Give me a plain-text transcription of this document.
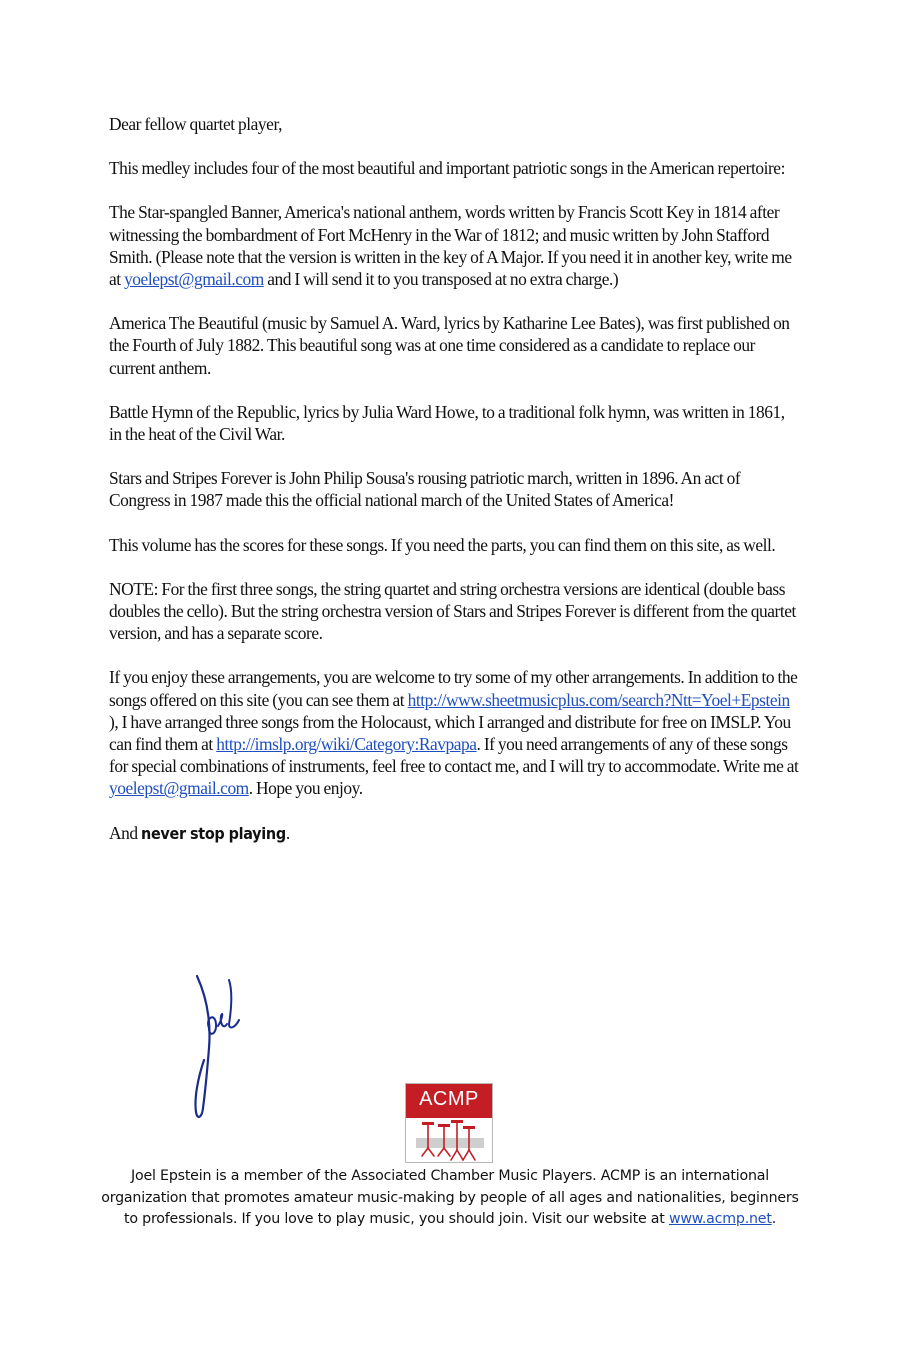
Dear fellow quartet player,

This medley includes four of the most beautiful and important patriotic songs in the American repertoire:

The Star-spangled Banner, America's national anthem, words written by Francis Scott Key in 1814 after witnessing the bombardment of Fort McHenry in the War of 1812; and music written by John Stafford Smith. (Please note that the version is written in the key of A Major. If you need it in another key, write me at yoelepst@gmail.com and I will send it to you transposed at no extra charge.)

America The Beautiful (music by Samuel A. Ward, lyrics by Katharine Lee Bates), was first published on the Fourth of July 1882. This beautiful song was at one time considered as a candidate to replace our current anthem.

Battle Hymn of the Republic, lyrics by Julia Ward Howe, to a traditional folk hymn, was written in 1861, in the heat of the Civil War.

Stars and Stripes Forever is John Philip Sousa's rousing patriotic march, written in 1896. An act of Congress in 1987 made this the official national march of the United States of America!

This volume has the scores for these songs. If you need the parts, you can find them on this site, as well.

NOTE: For the first three songs, the string quartet and string orchestra versions are identical (double bass doubles the cello). But the string orchestra version of Stars and Stripes Forever is different from the quartet version, and has a separate score.

If you enjoy these arrangements, you are welcome to try some of my other arrangements. In addition to the songs offered on this site (you can see them at http://www.sheetmusicplus.com/search?Ntt=Yoel+Epstein ), I have arranged three songs from the Holocaust, which I arranged and distribute for free on IMSLP. You can find them at http://imslp.org/wiki/Category:Ravpapa. If you need arrangements of any of these songs for special combinations of instruments, feel free to contact me, and I will try to accommodate. Write me at yoelepst@gmail.com. Hope you enjoy.

And never stop playing.

ACMP
Joel Epstein is a member of the Associated Chamber Music Players. ACMP is an international organization that promotes amateur music-making by people of all ages and nationalities, beginners to professionals. If you love to play music, you should join. Visit our website at www.acmp.net.
